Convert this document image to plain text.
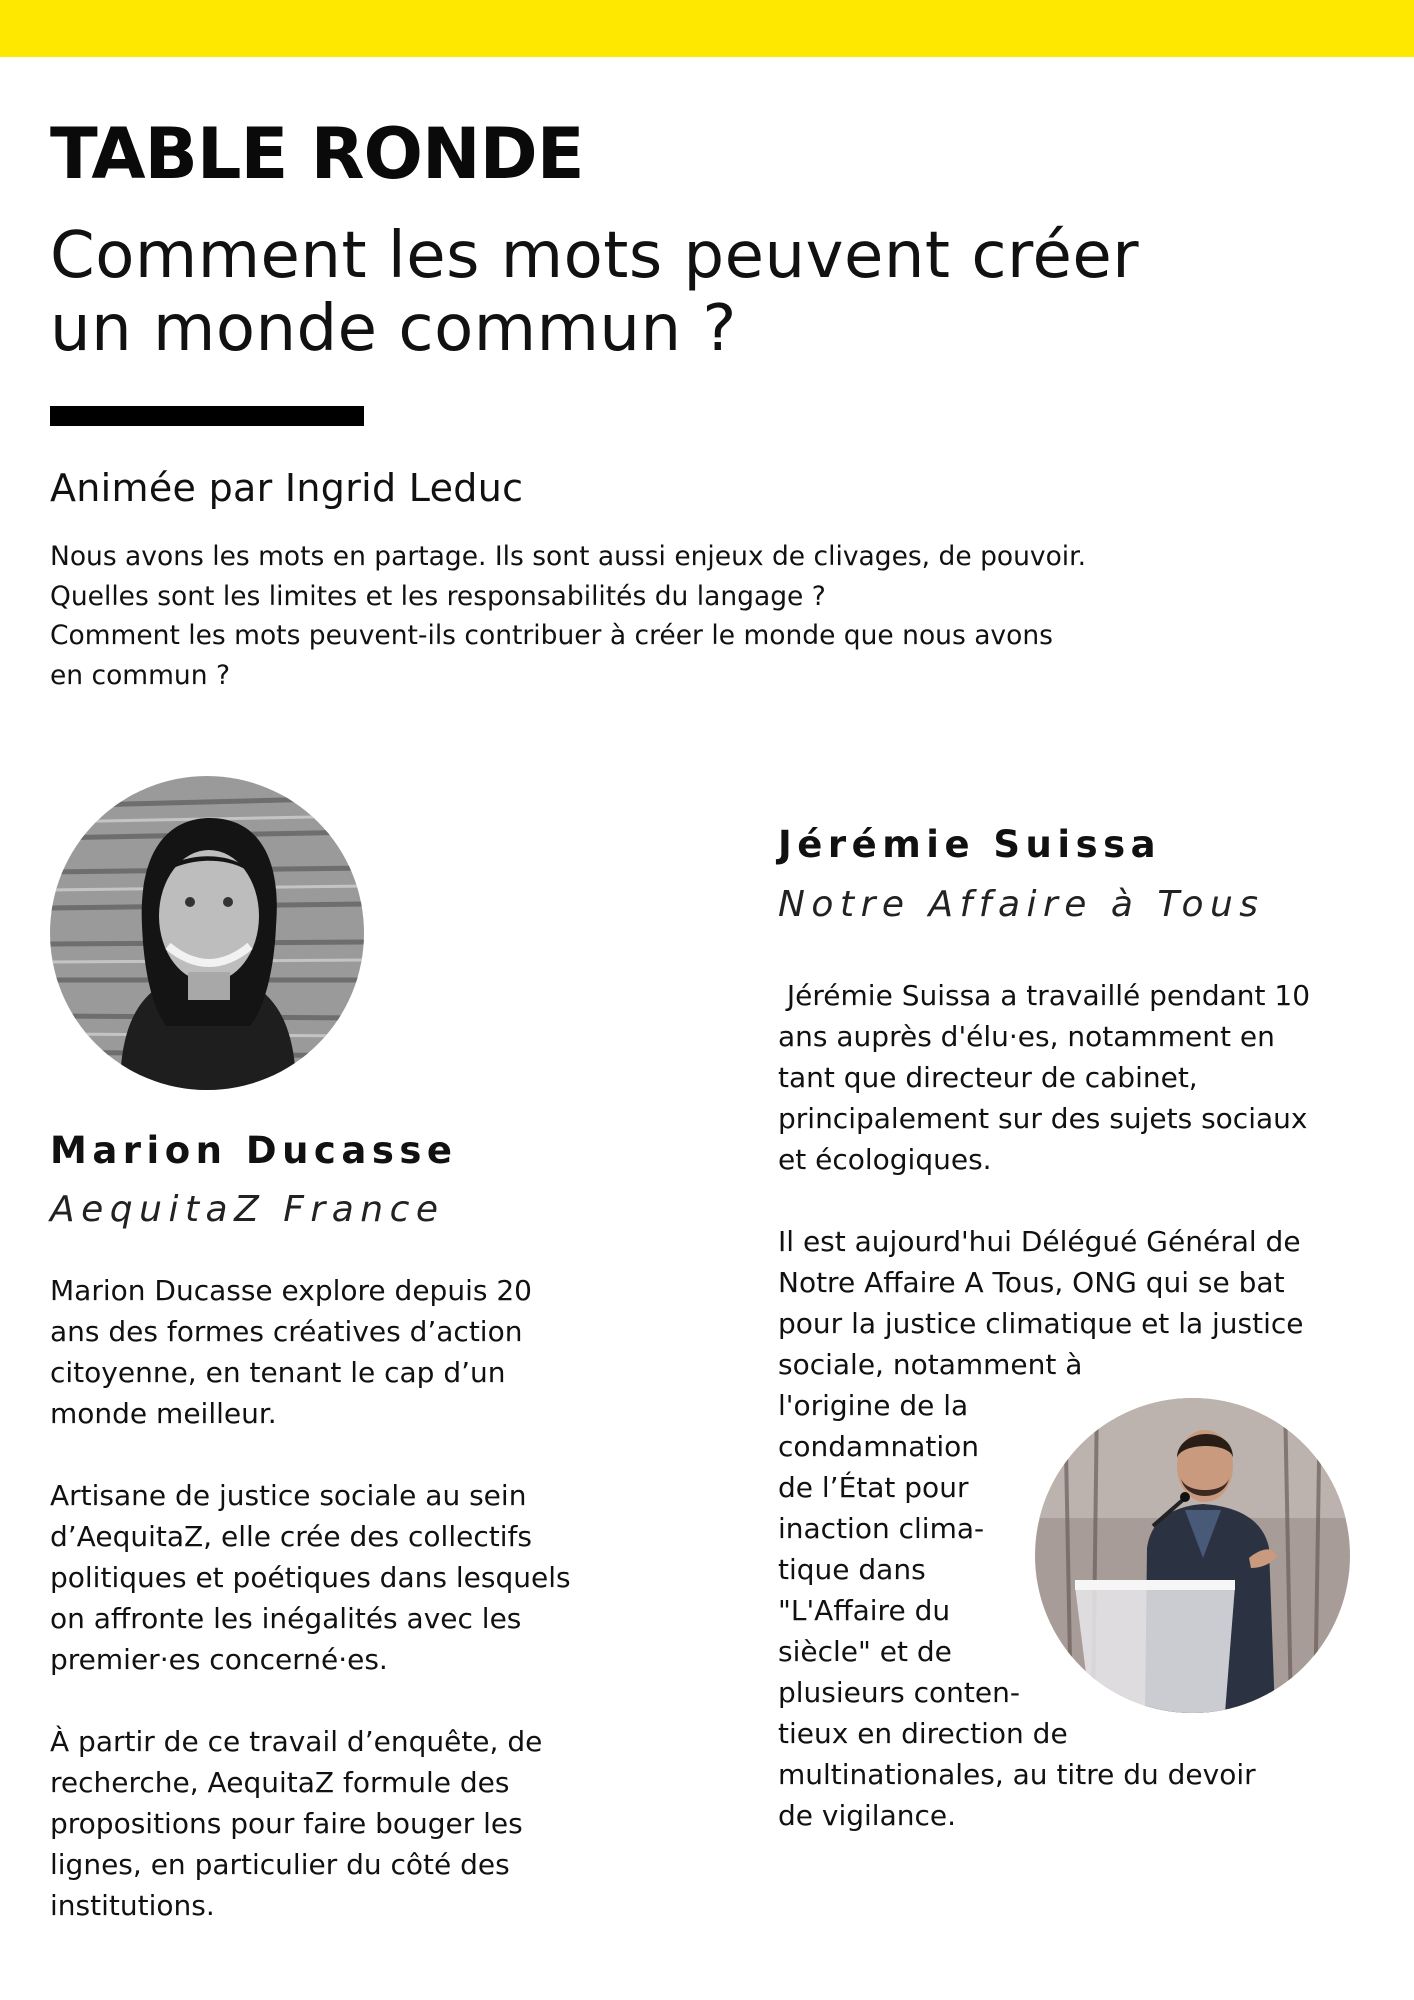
TABLE RONDE
Comment les mots peuvent créer
un monde commun ?

Animée par Ingrid Leduc

Nous avons les mots en partage. Ils sont aussi enjeux de clivages, de pouvoir.
Quelles sont les limites et les responsabilités du langage ?
Comment les mots peuvent-ils contribuer à créer le monde que nous avons
en commun ?

Marion Ducasse

AequitaZ France

Marion Ducasse explore depuis 20
ans des formes créatives d’action
citoyenne, en tenant le cap d’un
monde meilleur.
Artisane de justice sociale au sein
d’AequitaZ, elle crée des collectifs
politiques et poétiques dans lesquels
on affronte les inégalités avec les
premier·es concerné·es.
À partir de ce travail d’enquête, de
recherche, AequitaZ formule des
propositions pour faire bouger les
lignes, en particulier du côté des
institutions.

Jérémie Suissa

Notre Affaire à Tous

Jérémie Suissa a travaillé pendant 10
ans auprès d'élu·es, notamment en
tant que directeur de cabinet,
principalement sur des sujets sociaux
et écologiques.
Il est aujourd'hui Délégué Général de
Notre Affaire A Tous, ONG qui se bat
pour la justice climatique et la justice
sociale, notamment à
l'origine de la
condamnation
de l’État pour
inaction clima-
tique dans
"L'Affaire du
siècle" et de
plusieurs conten-
tieux en direction de
multinationales, au titre du devoir
de vigilance.
